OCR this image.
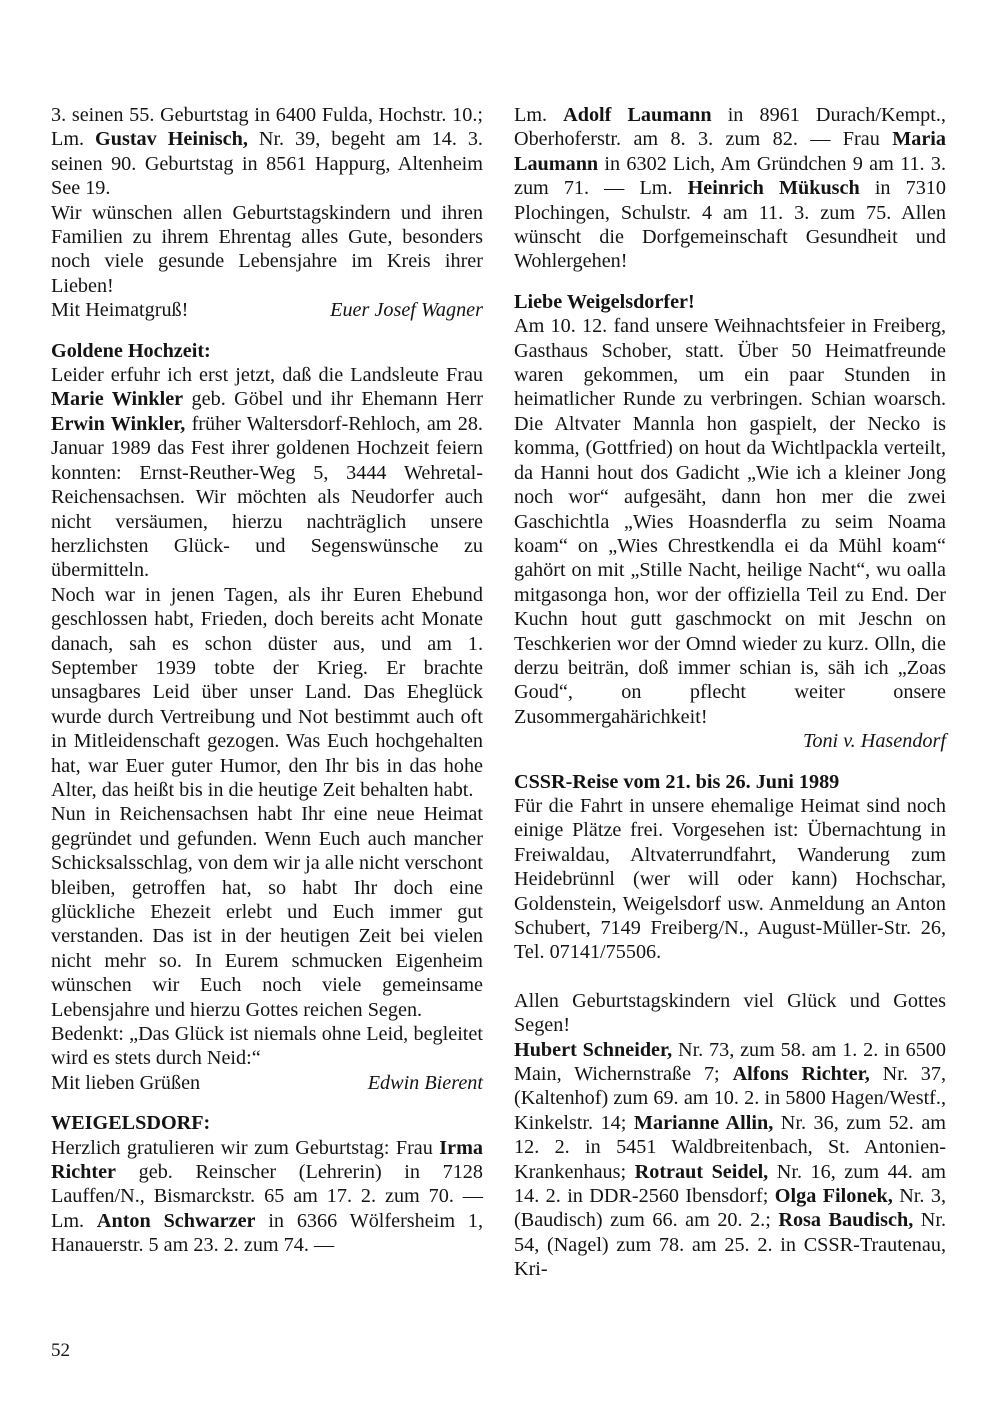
3. seinen 55. Geburtstag in 6400 Fulda, Hochstr. 10.; Lm. Gustav Heinisch, Nr. 39, begeht am 14. 3. seinen 90. Geburtstag in 8561 Happurg, Altenheim See 19.

Wir wünschen allen Geburtstagskindern und ihren Familien zu ihrem Ehrentag alles Gute, besonders noch viele gesunde Lebensjahre im Kreis ihrer Lieben!

Mit Heimatgruß!	Euer Josef Wagner

Goldene Hochzeit:

Leider erfuhr ich erst jetzt, daß die Landsleute Frau Marie Winkler geb. Göbel und ihr Ehemann Herr Erwin Winkler, früher Waltersdorf-Rehloch, am 28. Januar 1989 das Fest ihrer goldenen Hochzeit feiern konnten: Ernst-Reuther-Weg 5, 3444 Wehretal-Reichensachsen. Wir möchten als Neudorfer auch nicht versäumen, hierzu nachträglich unsere herzlichsten Glück- und Segenswünsche zu übermitteln.

Noch war in jenen Tagen, als ihr Euren Ehebund geschlossen habt, Frieden, doch bereits acht Monate danach, sah es schon düster aus, und am 1. September 1939 tobte der Krieg. Er brachte unsagbares Leid über unser Land. Das Eheglück wurde durch Vertreibung und Not bestimmt auch oft in Mitleidenschaft gezogen. Was Euch hochgehalten hat, war Euer guter Humor, den Ihr bis in das hohe Alter, das heißt bis in die heutige Zeit behalten habt.

Nun in Reichensachsen habt Ihr eine neue Heimat gegründet und gefunden. Wenn Euch auch mancher Schicksalsschlag, von dem wir ja alle nicht verschont bleiben, getroffen hat, so habt Ihr doch eine glückliche Ehezeit erlebt und Euch immer gut verstanden. Das ist in der heutigen Zeit bei vielen nicht mehr so. In Eurem schmucken Eigenheim wünschen wir Euch noch viele gemeinsame Lebensjahre und hierzu Gottes reichen Segen.

Bedenkt: „Das Glück ist niemals ohne Leid, begleitet wird es stets durch Neid:“

Mit lieben Grüßen	Edwin Bierent

WEIGELSDORF:

Herzlich gratulieren wir zum Geburtstag: Frau Irma Richter geb. Reinscher (Lehrerin) in 7128 Lauffen/N., Bismarckstr. 65 am 17. 2. zum 70. — Lm. Anton Schwarzer in 6366 Wölfersheim 1, Hanauerstr. 5 am 23. 2. zum 74. —

Lm. Adolf Laumann in 8961 Durach/Kempt., Oberhoferstr. am 8. 3. zum 82. — Frau Maria Laumann in 6302 Lich, Am Gründchen 9 am 11. 3. zum 71. — Lm. Heinrich Mükusch in 7310 Plochingen, Schulstr. 4 am 11. 3. zum 75. Allen wünscht die Dorfgemeinschaft Gesundheit und Wohlergehen!

Liebe Weigelsdorfer!

Am 10. 12. fand unsere Weihnachtsfeier in Freiberg, Gasthaus Schober, statt. Über 50 Heimatfreunde waren gekommen, um ein paar Stunden in heimatlicher Runde zu verbringen. Schian woarsch. Die Altvater Mannla hon gaspielt, der Necko is komma, (Gottfried) on hout da Wichtlpackla verteilt, da Hanni hout dos Gadicht „Wie ich a kleiner Jong noch wor“ aufgesäht, dann hon mer die zwei Gaschichtla „Wies Hoasnderfla zu seim Noama koam“ on „Wies Chrestkendla ei da Mühl koam“ gahört on mit „Stille Nacht, heilige Nacht“, wu oalla mitgasonga hon, wor der offiziella Teil zu End. Der Kuchn hout gutt gaschmockt on mit Jeschn on Teschkerien wor der Omnd wieder zu kurz. Olln, die derzu beiträn, doß immer schian is, säh ich „Zoas Goud“, on pflecht weiter onsere Zusommergahärichkeit!

Toni v. Hasendorf

CSSR-Reise vom 21. bis 26. Juni 1989

Für die Fahrt in unsere ehemalige Heimat sind noch einige Plätze frei. Vorgesehen ist: Übernachtung in Freiwaldau, Altvaterrundfahrt, Wanderung zum Heidebrünnl (wer will oder kann) Hochschar, Goldenstein, Weigelsdorf usw. Anmeldung an Anton Schubert, 7149 Freiberg/N., August-Müller-Str. 26, Tel. 07141/75506.

Allen Geburtstagskindern viel Glück und Gottes Segen!

Hubert Schneider, Nr. 73, zum 58. am 1. 2. in 6500 Main, Wichernstraße 7; Alfons Richter, Nr. 37, (Kaltenhof) zum 69. am 10. 2. in 5800 Hagen/Westf., Kinkelstr. 14; Marianne Allin, Nr. 36, zum 52. am 12. 2. in 5451 Waldbreitenbach, St. Antonien-Krankenhaus; Rotraut Seidel, Nr. 16, zum 44. am 14. 2. in DDR-2560 Ibensdorf; Olga Filonek, Nr. 3, (Baudisch) zum 66. am 20. 2.; Rosa Baudisch, Nr. 54, (Nagel) zum 78. am 25. 2. in CSSR-Trautenau, Kri-

52
